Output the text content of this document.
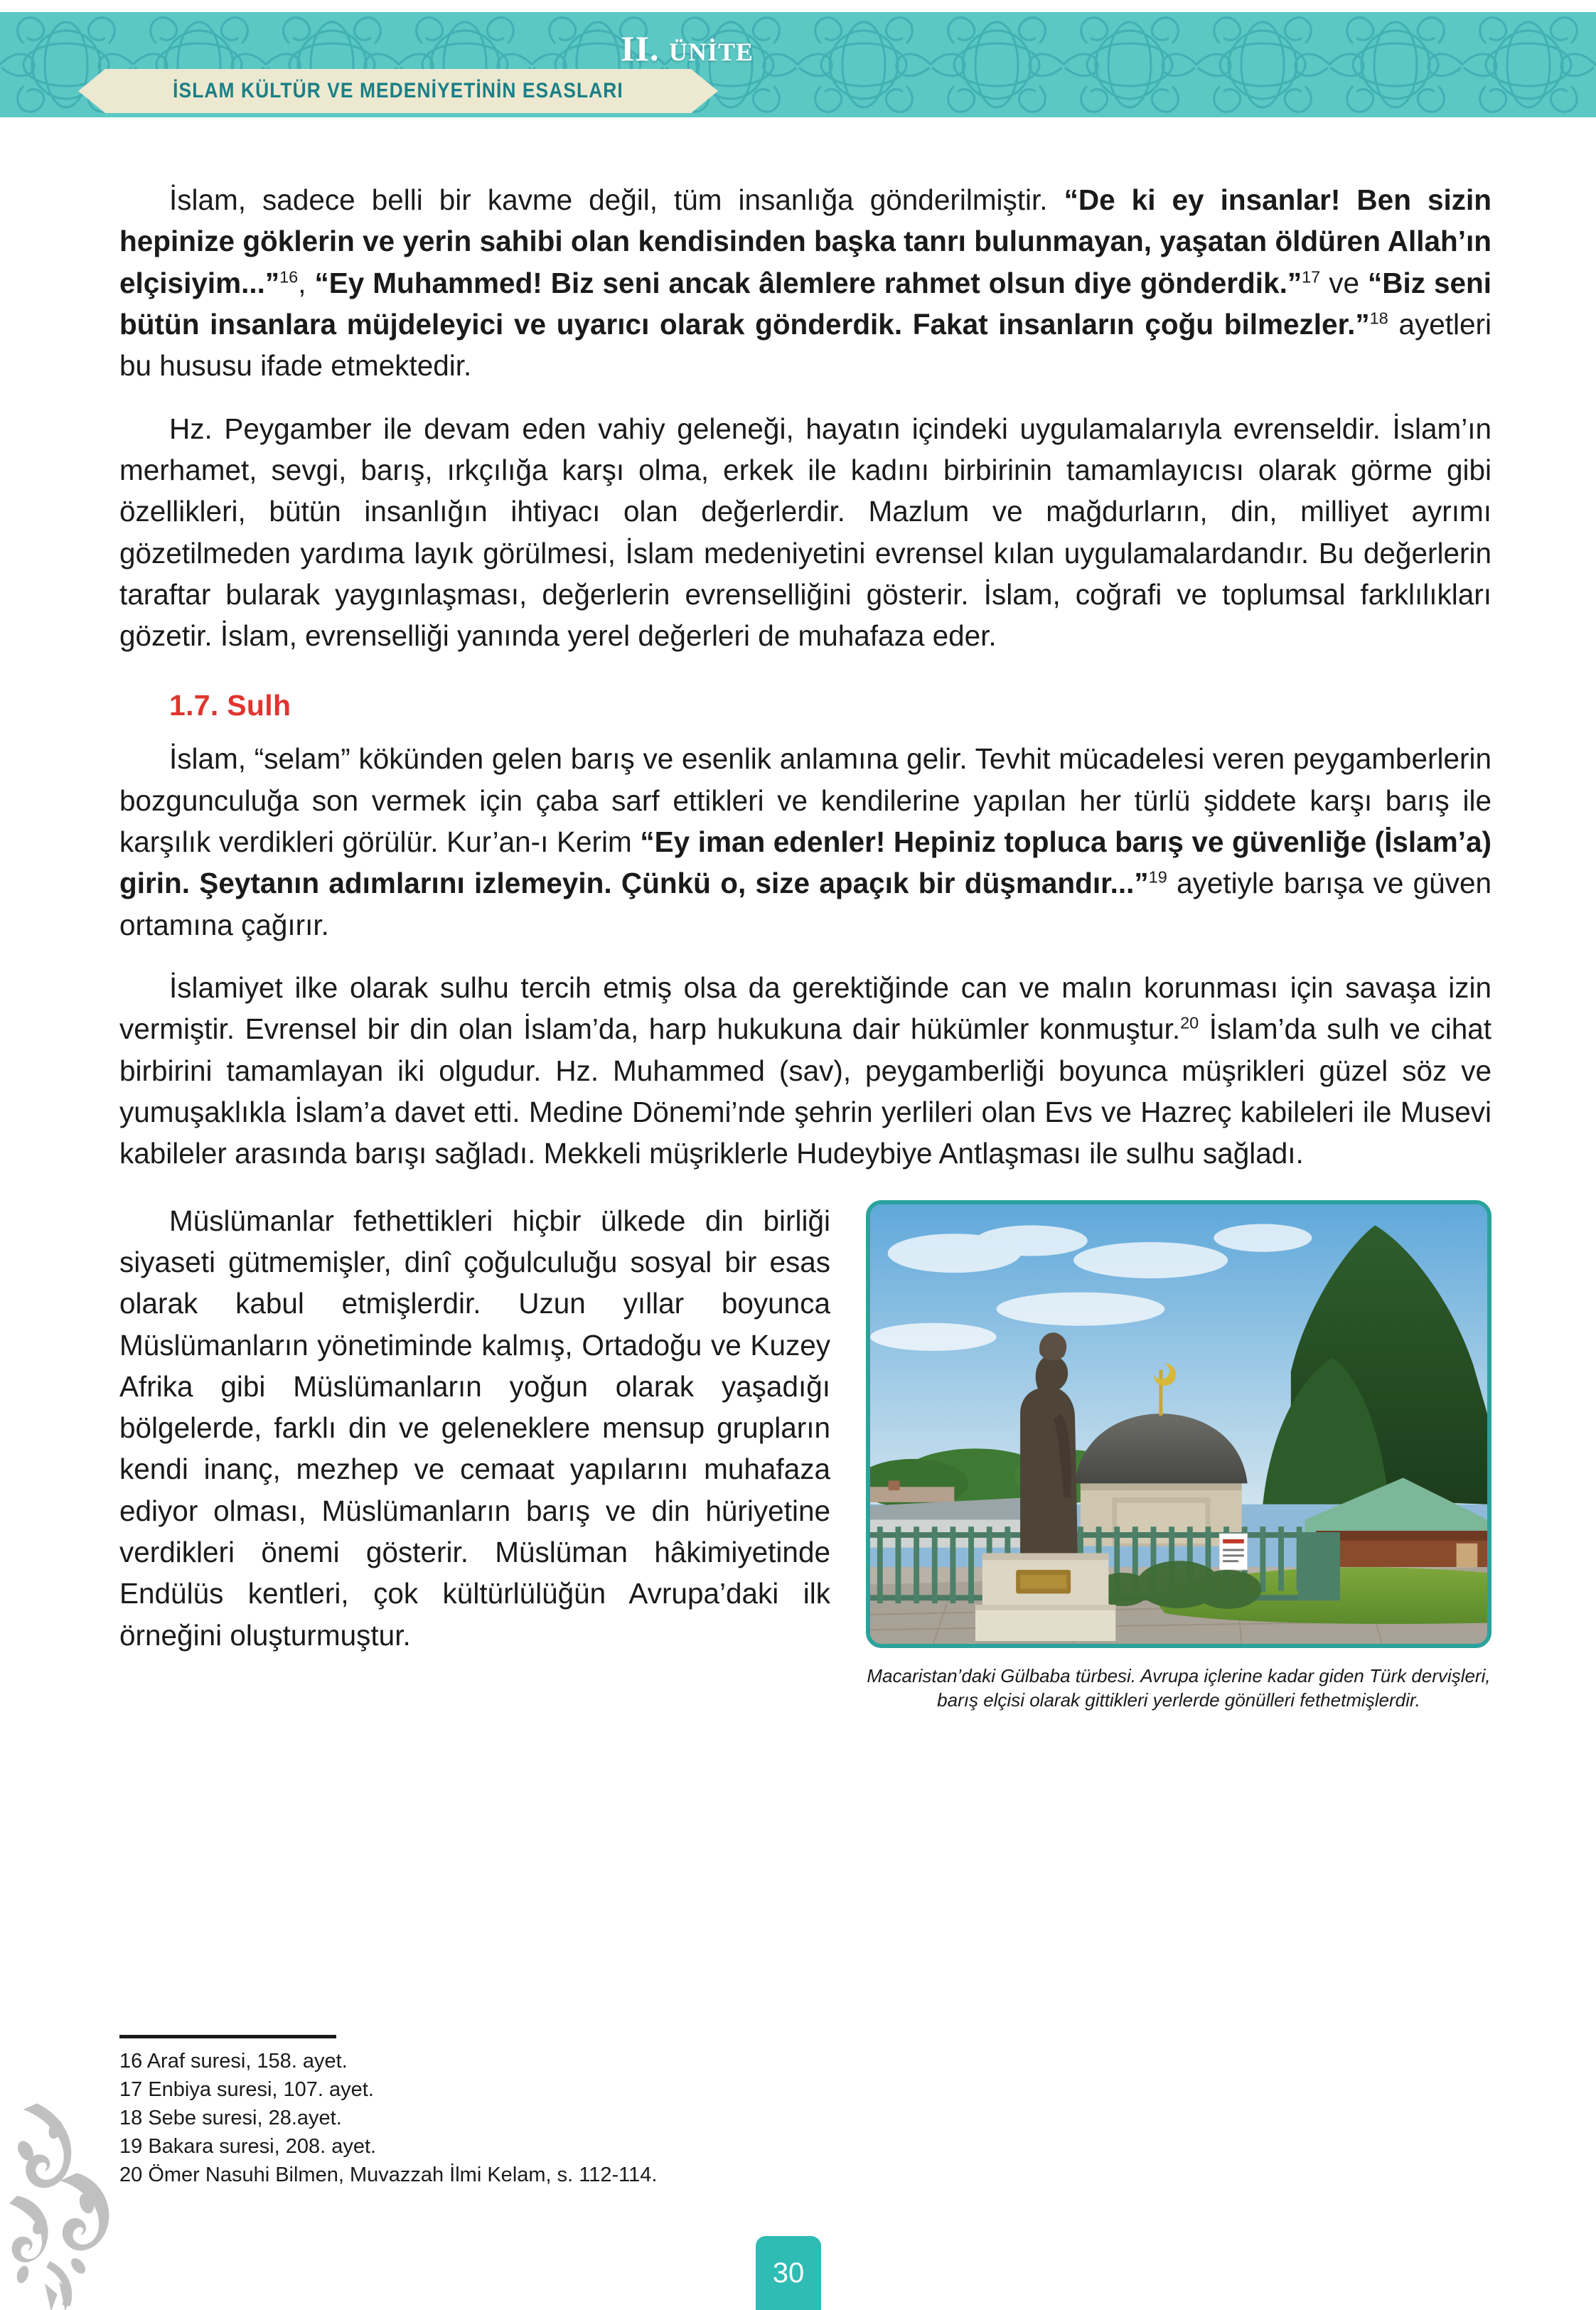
II. ÜNİTE
İSLAM KÜLTÜR VE MEDENİYETİNİN ESASLARI

İslam, sadece belli bir kavme değil, tüm insanlığa gönderilmiştir. “De ki ey insanlar! Ben sizin hepinize göklerin ve yerin sahibi olan kendisinden başka tanrı bulunmayan, yaşatan öldüren Allah’ın elçisiyim...”$^{16}$, “Ey Muhammed! Biz seni ancak âlemlere rahmet olsun diye gönderdik.”$^{17}$ ve “Biz seni bütün insanlara müjdeleyici ve uyarıcı olarak gönderdik. Fakat insanların çoğu bilmezler.”$^{18}$ ayetleri bu hususu ifade etmektedir.

Hz. Peygamber ile devam eden vahiy geleneği, hayatın içindeki uygulamalarıyla evrenseldir. İslam’ın merhamet, sevgi, barış, ırkçılığa karşı olma, erkek ile kadını birbirinin tamamlayıcısı olarak görme gibi özellikleri, bütün insanlığın ihtiyacı olan değerlerdir. Mazlum ve mağdurların, din, milliyet ayrımı gözetilmeden yardıma layık görülmesi, İslam medeniyetini evrensel kılan uygulamalardandır. Bu değerlerin taraftar bularak yaygınlaşması, değerlerin evrenselliğini gösterir. İslam, coğrafi ve toplumsal farklılıkları gözetir. İslam, evrenselliği yanında yerel değerleri de muhafaza eder.

1.7. Sulh

İslam, “selam” kökünden gelen barış ve esenlik anlamına gelir. Tevhit mücadelesi veren peygamberlerin bozgunculuğa son vermek için çaba sarf ettikleri ve kendilerine yapılan her türlü şiddete karşı barış ile karşılık verdikleri görülür. Kur’an-ı Kerim “Ey iman edenler! Hepiniz topluca barış ve güvenliğe (İslam’a) girin. Şeytanın adımlarını izlemeyin. Çünkü o, size apaçık bir düşmandır...”$^{19}$ ayetiyle barışa ve güven ortamına çağırır.

İslamiyet ilke olarak sulhu tercih etmiş olsa da gerektiğinde can ve malın korunması için savaşa izin vermiştir. Evrensel bir din olan İslam’da, harp hukukuna dair hükümler konmuştur.$^{20}$ İslam’da sulh ve cihat birbirini tamamlayan iki olgudur. Hz. Muhammed (sav), peygamberliği boyunca müşrikleri güzel söz ve yumuşaklıkla İslam’a davet etti. Medine Dönemi’nde şehrin yerlileri olan Evs ve Hazreç kabileleri ile Musevi kabileler arasında barışı sağladı. Mekkeli müşriklerle Hudeybiye Antlaşması ile sulhu sağladı.

Macaristan’daki Gülbaba türbesi. Avrupa içlerine kadar giden Türk dervişleri, barış elçisi olarak gittikleri yerlerde gönülleri fethetmişlerdir.

Müslümanlar fethettikleri hiçbir ülkede din birliği siyaseti gütmemişler, dinî çoğulculuğu sosyal bir esas olarak kabul etmişlerdir. Uzun yıllar boyunca Müslümanların yönetiminde kalmış, Ortadoğu ve Kuzey Afrika gibi Müslümanların yoğun olarak yaşadığı bölgelerde, farklı din ve geleneklere mensup grupların kendi inanç, mezhep ve cemaat yapılarını muhafaza ediyor olması, Müslümanların barış ve din hüriyetine verdikleri önemi gösterir. Müslüman hâkimiyetinde Endülüs kentleri, çok kültürlülüğün Avrupa’daki ilk örneğini oluşturmuştur.

16 Araf suresi, 158. ayet.
17 Enbiya suresi, 107. ayet.
18 Sebe suresi, 28.ayet.
19 Bakara suresi, 208. ayet.
20 Ömer Nasuhi Bilmen, Muvazzah İlmi Kelam, s. 112-114.
30
